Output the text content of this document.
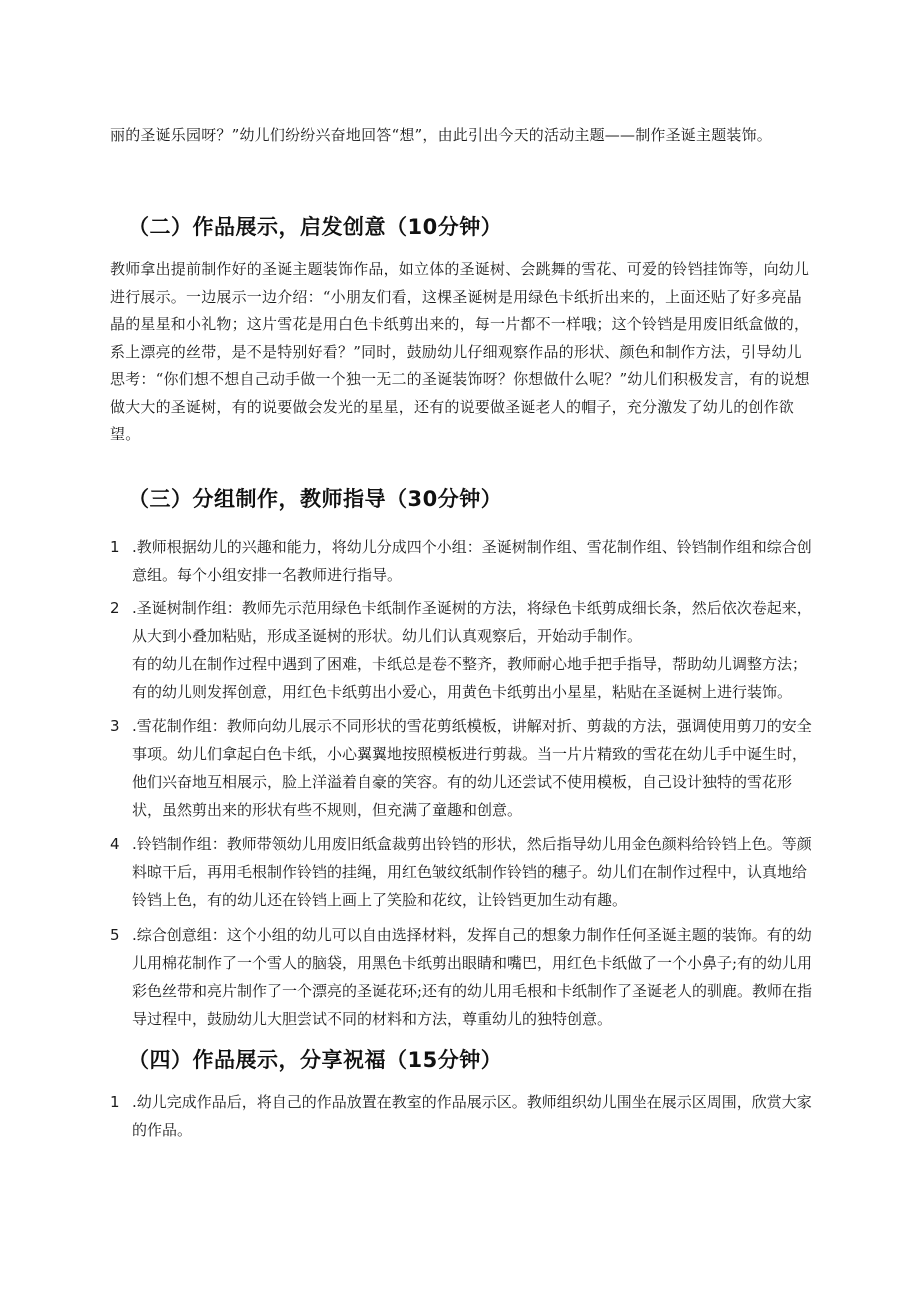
丽的圣诞乐园呀？”幼儿们纷纷兴奋地回答“想”，由此引出今天的活动主题——制作圣诞主题装饰。

（二）作品展示，启发创意（10分钟）

教师拿出提前制作好的圣诞主题装饰作品，如立体的圣诞树、会跳舞的雪花、可爱的铃铛挂饰等，向幼儿进行展示。一边展示一边介绍：“小朋友们看，这棵圣诞树是用绿色卡纸折出来的，上面还贴了好多亮晶晶的星星和小礼物；这片雪花是用白色卡纸剪出来的，每一片都不一样哦；这个铃铛是用废旧纸盒做的，系上漂亮的丝带，是不是特别好看？”同时，鼓励幼儿仔细观察作品的形状、颜色和制作方法，引导幼儿思考：“你们想不想自己动手做一个独一无二的圣诞装饰呀？你想做什么呢？”幼儿们积极发言，有的说想做大大的圣诞树，有的说要做会发光的星星，还有的说要做圣诞老人的帽子，充分激发了幼儿的创作欲望。

（三）分组制作，教师指导（30分钟）
1 .教师根据幼儿的兴趣和能力，将幼儿分成四个小组：圣诞树制作组、雪花制作组、铃铛制作组和综合创意组。每个小组安排一名教师进行指导。
2 .圣诞树制作组：教师先示范用绿色卡纸制作圣诞树的方法，将绿色卡纸剪成细长条，然后依次卷起来，从大到小叠加粘贴，形成圣诞树的形状。幼儿们认真观察后，开始动手制作。
有的幼儿在制作过程中遇到了困难，卡纸总是卷不整齐，教师耐心地手把手指导，帮助幼儿调整方法；有的幼儿则发挥创意，用红色卡纸剪出小爱心，用黄色卡纸剪出小星星，粘贴在圣诞树上进行装饰。
3 .雪花制作组：教师向幼儿展示不同形状的雪花剪纸模板，讲解对折、剪裁的方法，强调使用剪刀的安全事项。幼儿们拿起白色卡纸，小心翼翼地按照模板进行剪裁。当一片片精致的雪花在幼儿手中诞生时，他们兴奋地互相展示，脸上洋溢着自豪的笑容。有的幼儿还尝试不使用模板，自己设计独特的雪花形状，虽然剪出来的形状有些不规则，但充满了童趣和创意。
4 .铃铛制作组：教师带领幼儿用废旧纸盒裁剪出铃铛的形状，然后指导幼儿用金色颜料给铃铛上色。等颜料晾干后，再用毛根制作铃铛的挂绳，用红色皱纹纸制作铃铛的穗子。幼儿们在制作过程中，认真地给铃铛上色，有的幼儿还在铃铛上画上了笑脸和花纹，让铃铛更加生动有趣。
5 .综合创意组：这个小组的幼儿可以自由选择材料，发挥自己的想象力制作任何圣诞主题的装饰。有的幼儿用棉花制作了一个雪人的脑袋，用黑色卡纸剪出眼睛和嘴巴，用红色卡纸做了一个小鼻子;有的幼儿用彩色丝带和亮片制作了一个漂亮的圣诞花环;还有的幼儿用毛根和卡纸制作了圣诞老人的驯鹿。教师在指导过程中，鼓励幼儿大胆尝试不同的材料和方法，尊重幼儿的独特创意。
（四）作品展示，分享祝福（15分钟）
1 .幼儿完成作品后，将自己的作品放置在教室的作品展示区。教师组织幼儿围坐在展示区周围，欣赏大家的作品。
